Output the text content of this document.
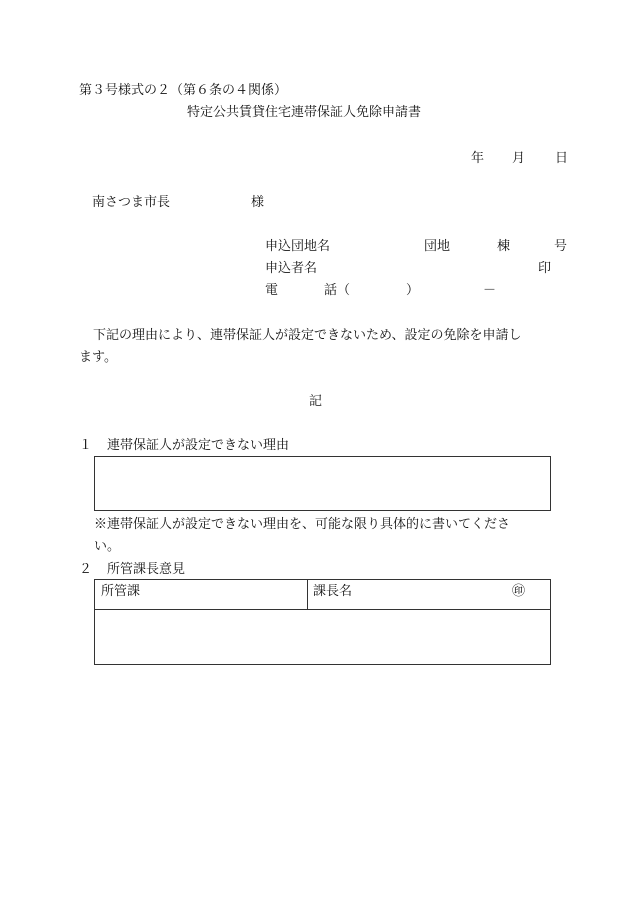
第３号様式の２（第６条の４関係）
特定公共賃貸住宅連帯保証人免除申請書
年 月 日
南さつま市長	様
申込団地名	団地	棟	号
申込者名	印
電	話（	）	－
下記の理由により、連帯保証人が設定できないため、設定の免除を申請し
ます。
記
１ 連帯保証人が設定できない理由
※連帯保証人が設定できない理由を、可能な限り具体的に書いてくださ
い。
２ 所管課長意見
所管課	課長名	㊞
